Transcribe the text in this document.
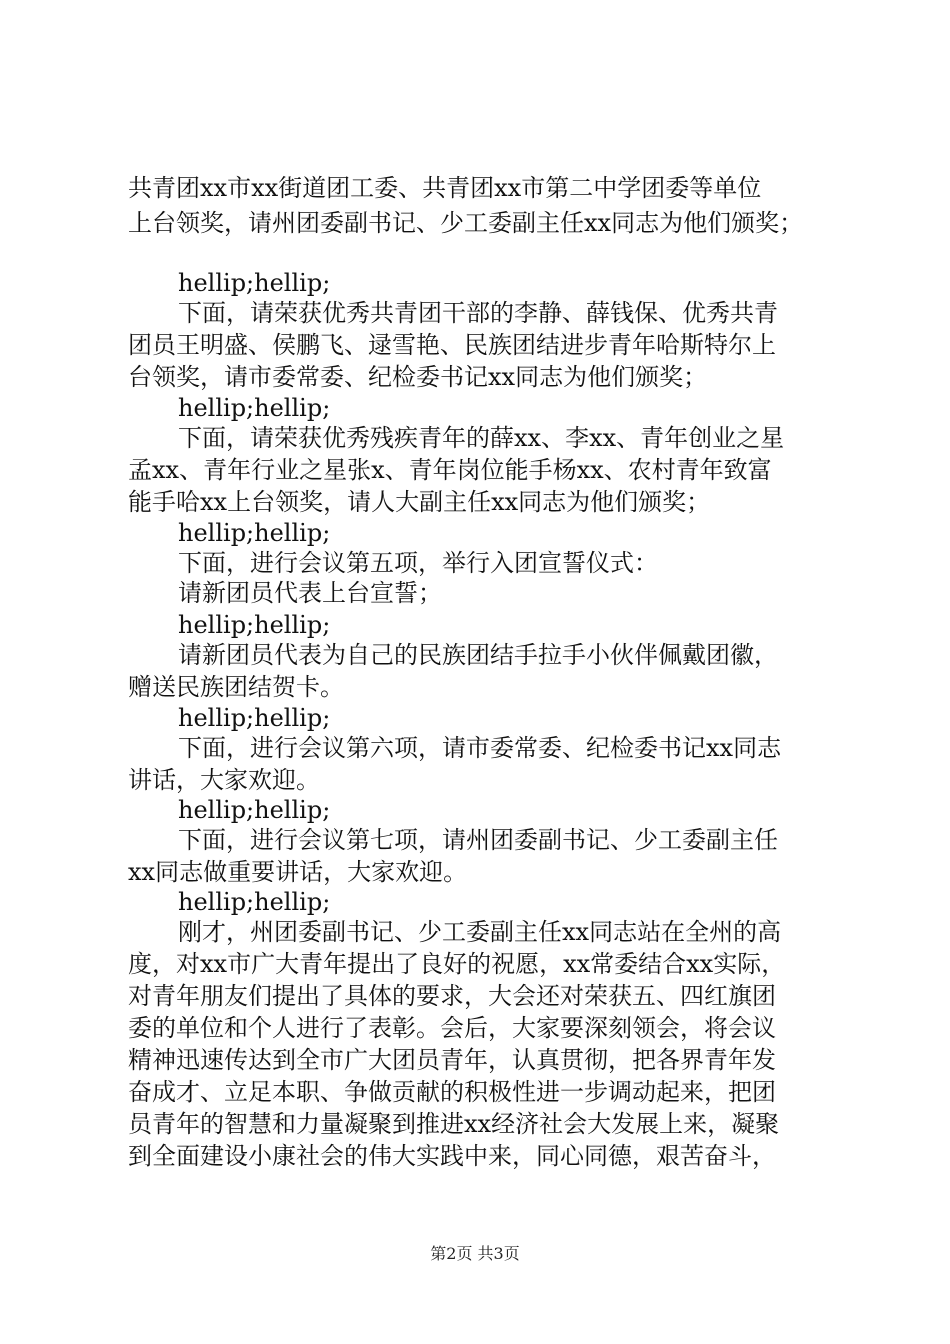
共青团xx市xx街道团工委、共青团xx市第二中学团委等单位
上台领奖，请州团委副书记、少工委副主任xx同志为他们颁奖；
hellip;hellip;
下面，请荣获优秀共青团干部的李静、薛钱保、优秀共青
团员王明盛、侯鹏飞、逯雪艳、民族团结进步青年哈斯特尔上
台领奖，请市委常委、纪检委书记xx同志为他们颁奖；
hellip;hellip;
下面，请荣获优秀残疾青年的薛xx、李xx、青年创业之星
孟xx、青年行业之星张x、青年岗位能手杨xx、农村青年致富
能手哈xx上台领奖，请人大副主任xx同志为他们颁奖；
hellip;hellip;
下面，进行会议第五项，举行入团宣誓仪式：
请新团员代表上台宣誓；
hellip;hellip;
请新团员代表为自己的民族团结手拉手小伙伴佩戴团徽，
赠送民族团结贺卡。
hellip;hellip;
下面，进行会议第六项，请市委常委、纪检委书记xx同志
讲话，大家欢迎。
hellip;hellip;
下面，进行会议第七项，请州团委副书记、少工委副主任
xx同志做重要讲话，大家欢迎。
hellip;hellip;
刚才，州团委副书记、少工委副主任xx同志站在全州的高
度，对xx市广大青年提出了良好的祝愿，xx常委结合xx实际，
对青年朋友们提出了具体的要求，大会还对荣获五、四红旗团
委的单位和个人进行了表彰。会后，大家要深刻领会，将会议
精神迅速传达到全市广大团员青年，认真贯彻，把各界青年发
奋成才、立足本职、争做贡献的积极性进一步调动起来，把团
员青年的智慧和力量凝聚到推进xx经济社会大发展上来，凝聚
到全面建设小康社会的伟大实践中来，同心同德，艰苦奋斗，
第2页 共3页
